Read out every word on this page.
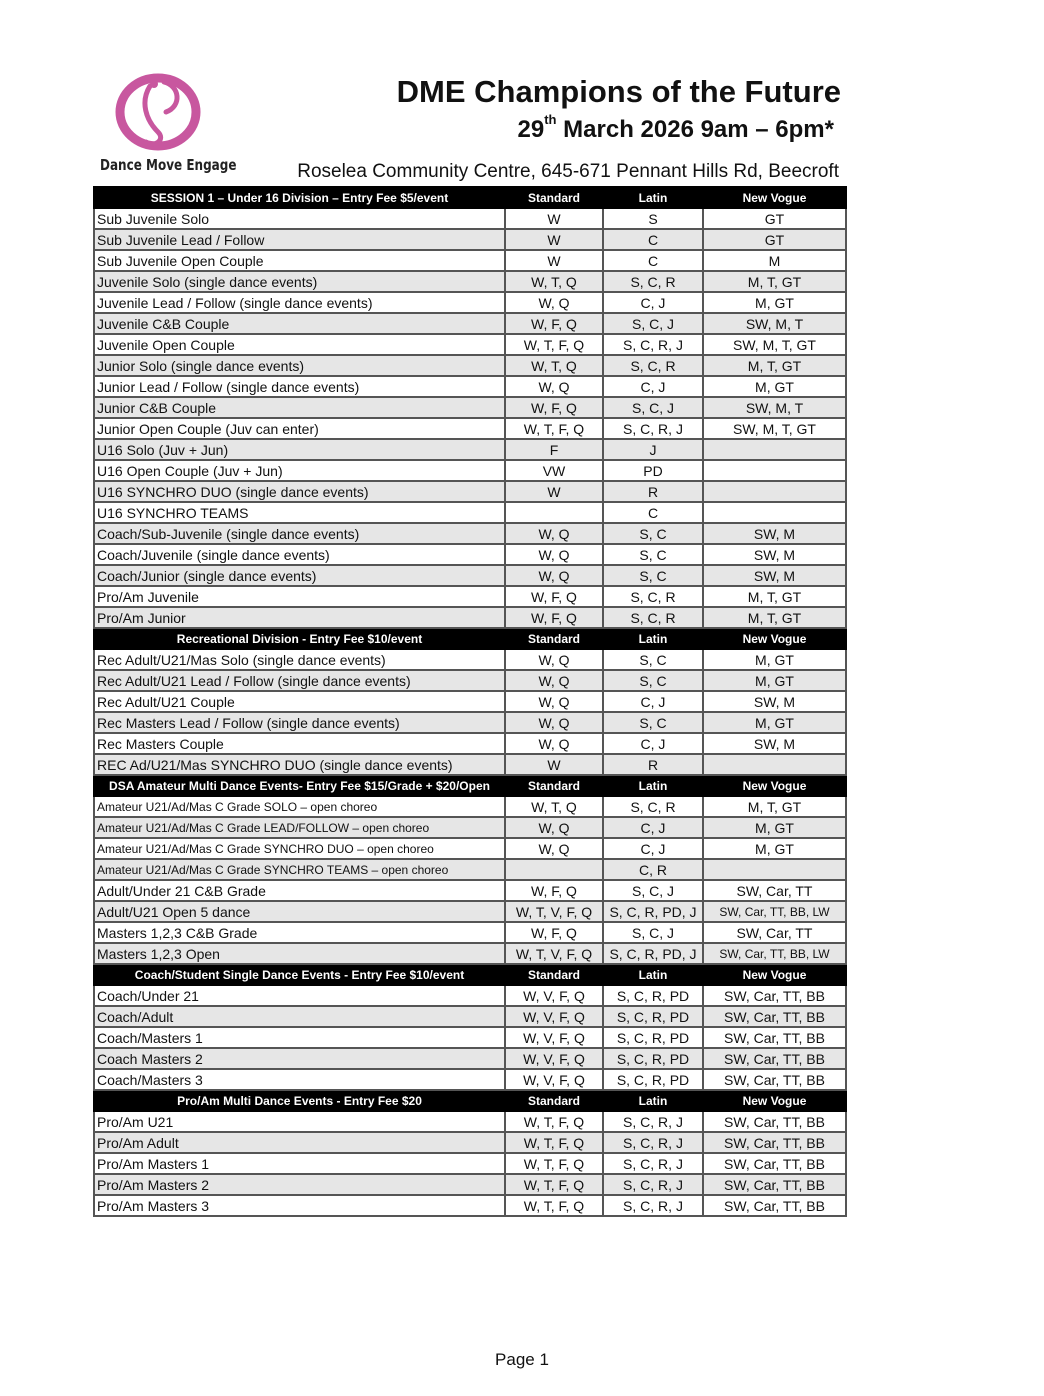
Dance Move Engage
DME Champions of the Future
29th March 2026 9am – 6pm*
Roselea Community Centre, 645-671 Pennant Hills Rd, Beecroft
SESSION 1 – Under 16 Division – Entry Fee $5/event	Standard	Latin	New Vogue
Sub Juvenile Solo	W	S	GT
Sub Juvenile Lead / Follow	W	C	GT
Sub Juvenile Open Couple	W	C	M
Juvenile Solo (single dance events)	W, T, Q	S, C, R	M, T, GT
Juvenile Lead / Follow (single dance events)	W, Q	C, J	M, GT
Juvenile C&B Couple	W, F, Q	S, C, J	SW, M, T
Juvenile Open Couple	W, T, F, Q	S, C, R, J	SW, M, T, GT
Junior Solo (single dance events)	W, T, Q	S, C, R	M, T, GT
Junior Lead / Follow (single dance events)	W, Q	C, J	M, GT
Junior C&B Couple	W, F, Q	S, C, J	SW, M, T
Junior Open Couple (Juv can enter)	W, T, F, Q	S, C, R, J	SW, M, T, GT
U16 Solo (Juv + Jun)	F	J	
U16 Open Couple (Juv + Jun)	VW	PD	
U16 SYNCHRO DUO (single dance events)	W	R	
U16 SYNCHRO TEAMS		C	
Coach/Sub-Juvenile (single dance events)	W, Q	S, C	SW, M
Coach/Juvenile (single dance events)	W, Q	S, C	SW, M
Coach/Junior (single dance events)	W, Q	S, C	SW, M
Pro/Am Juvenile	W, F, Q	S, C, R	M, T, GT
Pro/Am Junior	W, F, Q	S, C, R	M, T, GT
Recreational Division - Entry Fee $10/event	Standard	Latin	New Vogue
Rec Adult/U21/Mas Solo (single dance events)	W, Q	S, C	M, GT
Rec Adult/U21 Lead / Follow (single dance events)	W, Q	S, C	M, GT
Rec Adult/U21 Couple	W, Q	C, J	SW, M
Rec Masters Lead / Follow (single dance events)	W, Q	S, C	M, GT
Rec Masters Couple	W, Q	C, J	SW, M
REC Ad/U21/Mas SYNCHRO DUO (single dance events)	W	R	
DSA Amateur Multi Dance Events- Entry Fee $15/Grade + $20/Open	Standard	Latin	New Vogue
Amateur U21/Ad/Mas C Grade SOLO – open choreo	W, T, Q	S, C, R	M, T, GT
Amateur U21/Ad/Mas C Grade LEAD/FOLLOW – open choreo	W, Q	C, J	M, GT
Amateur U21/Ad/Mas C Grade SYNCHRO DUO – open choreo	W, Q	C, J	M, GT
Amateur U21/Ad/Mas C Grade SYNCHRO TEAMS – open choreo		C, R	
Adult/Under 21 C&B Grade	W, F, Q	S, C, J	SW, Car, TT
Adult/U21 Open 5 dance	W, T, V, F, Q	S, C, R, PD, J	SW, Car, TT, BB, LW
Masters 1,2,3 C&B Grade	W, F, Q	S, C, J	SW, Car, TT
Masters 1,2,3 Open	W, T, V, F, Q	S, C, R, PD, J	SW, Car, TT, BB, LW
Coach/Student Single Dance Events - Entry Fee $10/event	Standard	Latin	New Vogue
Coach/Under 21	W, V, F, Q	S, C, R, PD	SW, Car, TT, BB
Coach/Adult	W, V, F, Q	S, C, R, PD	SW, Car, TT, BB
Coach/Masters 1	W, V, F, Q	S, C, R, PD	SW, Car, TT, BB
Coach Masters 2	W, V, F, Q	S, C, R, PD	SW, Car, TT, BB
Coach/Masters 3	W, V, F, Q	S, C, R, PD	SW, Car, TT, BB
Pro/Am Multi Dance Events - Entry Fee $20	Standard	Latin	New Vogue
Pro/Am U21	W, T, F, Q	S, C, R, J	SW, Car, TT, BB
Pro/Am Adult	W, T, F, Q	S, C, R, J	SW, Car, TT, BB
Pro/Am Masters 1	W, T, F, Q	S, C, R, J	SW, Car, TT, BB
Pro/Am Masters 2	W, T, F, Q	S, C, R, J	SW, Car, TT, BB
Pro/Am Masters 3	W, T, F, Q	S, C, R, J	SW, Car, TT, BB
Page 1
